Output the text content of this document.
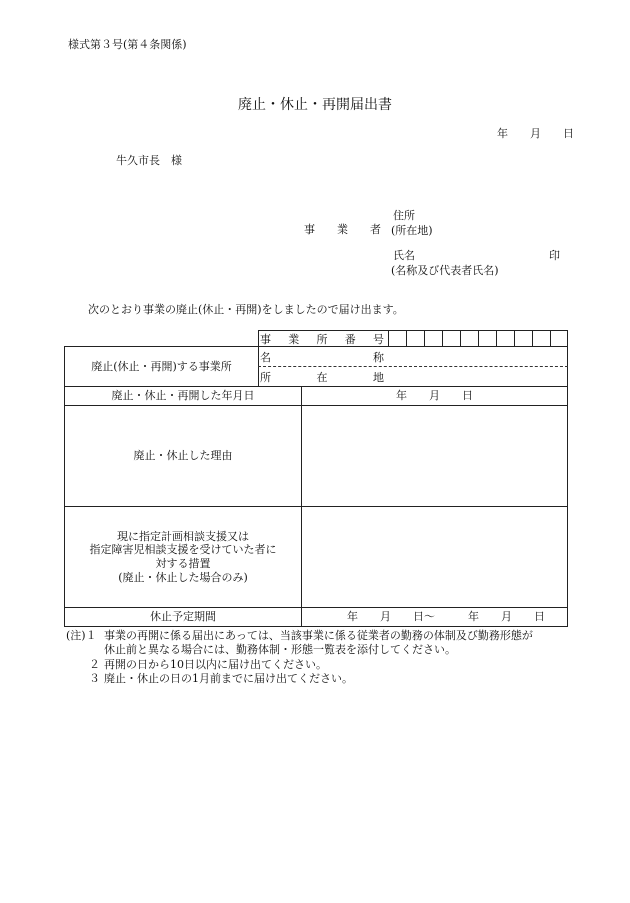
様式第３号(第４条関係)
廃止・休止・再開届出書
年　　月　　日
牛久市長　様
事　　業　　者
住所
(所在地)
氏名	印
(名称及び代表者氏名)
次のとおり事業の廃止(休止・再開)をしましたので届け出ます。
事 業 所 番 号
廃止(休止・再開)する事業所
名	称
所	在	地
廃止・休止・再開した年月日	年　　月　　日
廃止・休止した理由
現に指定計画相談支援又は
指定障害児相談支援を受けていた者に
対する措置
(廃止・休止した場合のみ)
休止予定期間	年　　月　　日～　　　年　　月　　日
(注)１ 事業の再開に係る届出にあっては、当該事業に係る従業者の勤務の体制及び勤務形態が
休止前と異なる場合には、勤務体制・形態一覧表を添付してください。
２ 再開の日から10日以内に届け出てください。
３ 廃止・休止の日の1月前までに届け出てください。
